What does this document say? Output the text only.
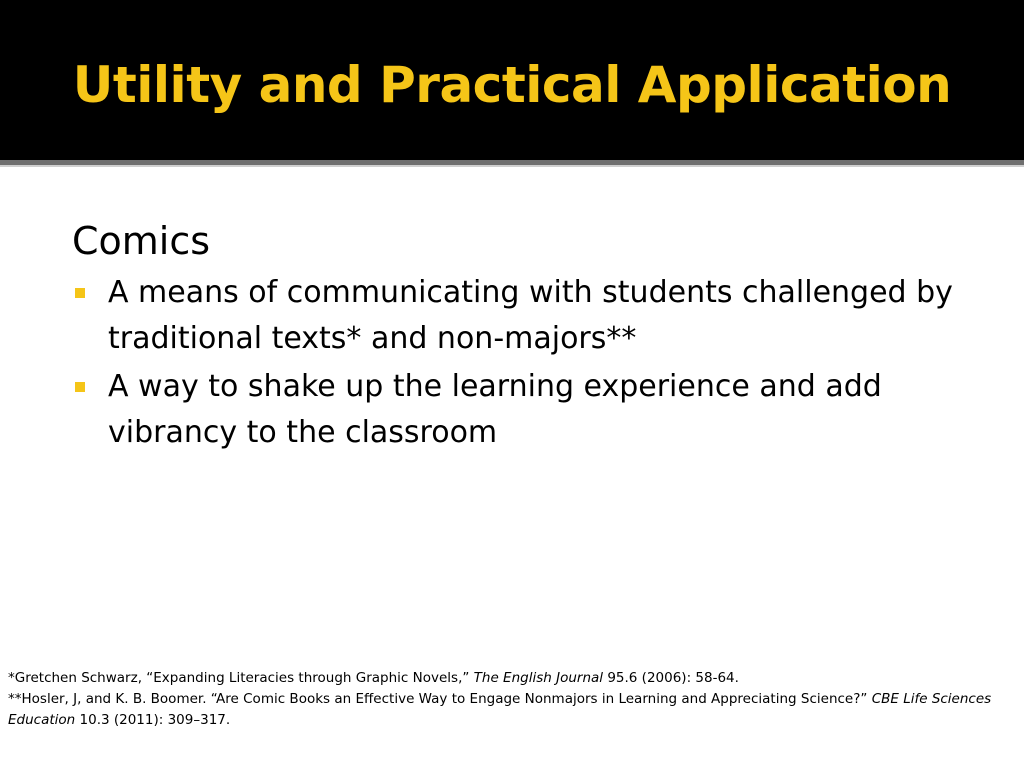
Utility and Practical Application
Comics
A means of communicating with students challenged by traditional texts* and non-majors**
A way to shake up the learning experience and add vibrancy to the classroom
*Gretchen Schwarz, “Expanding Literacies through Graphic Novels,” The English Journal 95.6 (2006): 58-64.
**Hosler, J, and K. B. Boomer. “Are Comic Books an Effective Way to Engage Nonmajors in Learning and Appreciating Science?” CBE Life Sciences Education 10.3 (2011): 309–317.
